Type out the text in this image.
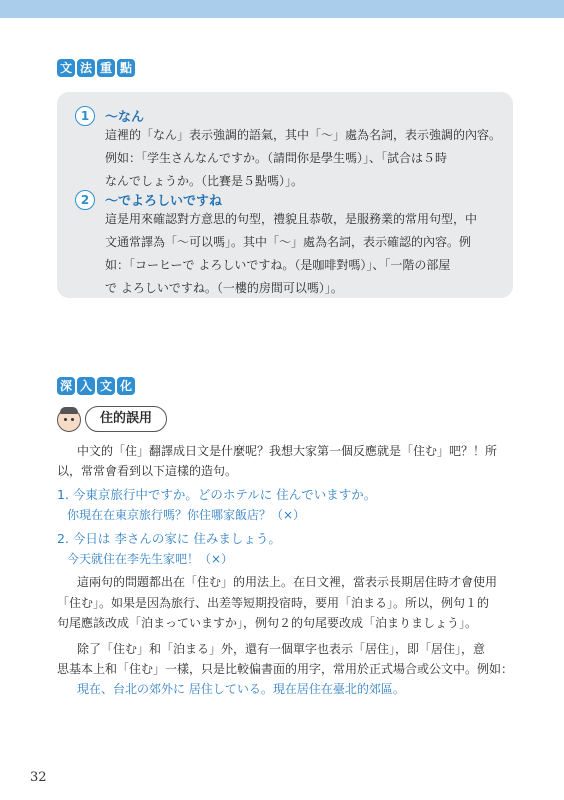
文 法 重 點
1	～なん
這裡的「なん」表示強調的語氣，其中「～」處為名詞，表示強調的內容。
例如：「学生さんなんですか。（請問你是學生嗎）」、「試合は５時
なんでしょうか。（比賽是５點嗎）」。
2	～でよろしいですね
這是用來確認對方意思的句型，禮貌且恭敬，是服務業的常用句型，中
文通常譯為「～可以嗎」。其中「～」處為名詞，表示確認的內容。例
如：「コーヒーで よろしいですね。（是咖啡對嗎）」、「一階の部屋
で よろしいですね。（一樓的房間可以嗎）」。
深 入 文 化
住的誤用
中文的「住」翻譯成日文是什麼呢？我想大家第一個反應就是「住む」吧？！所
以，常常會看到以下這樣的造句。
1. 今東京旅行中ですか。どのホテルに 住んでいますか。
你現在在東京旅行嗎？你住哪家飯店？（×）
2. 今日は 李さんの家に 住みましょう。
今天就住在李先生家吧！（×）
這兩句的問題都出在「住む」的用法上。在日文裡，當表示長期居住時才會使用
「住む」。如果是因為旅行、出差等短期投宿時，要用「泊まる」。所以，例句１的
句尾應該改成「泊まっていますか」，例句２的句尾要改成「泊まりましょう」。
除了「住む」和「泊まる」外，還有一個單字也表示「居住」，即「居住」，意
思基本上和「住む」一樣，只是比較偏書面的用字，常用於正式場合或公文中。例如：
現在、台北の郊外に 居住している。現在居住在臺北的郊區。
32
